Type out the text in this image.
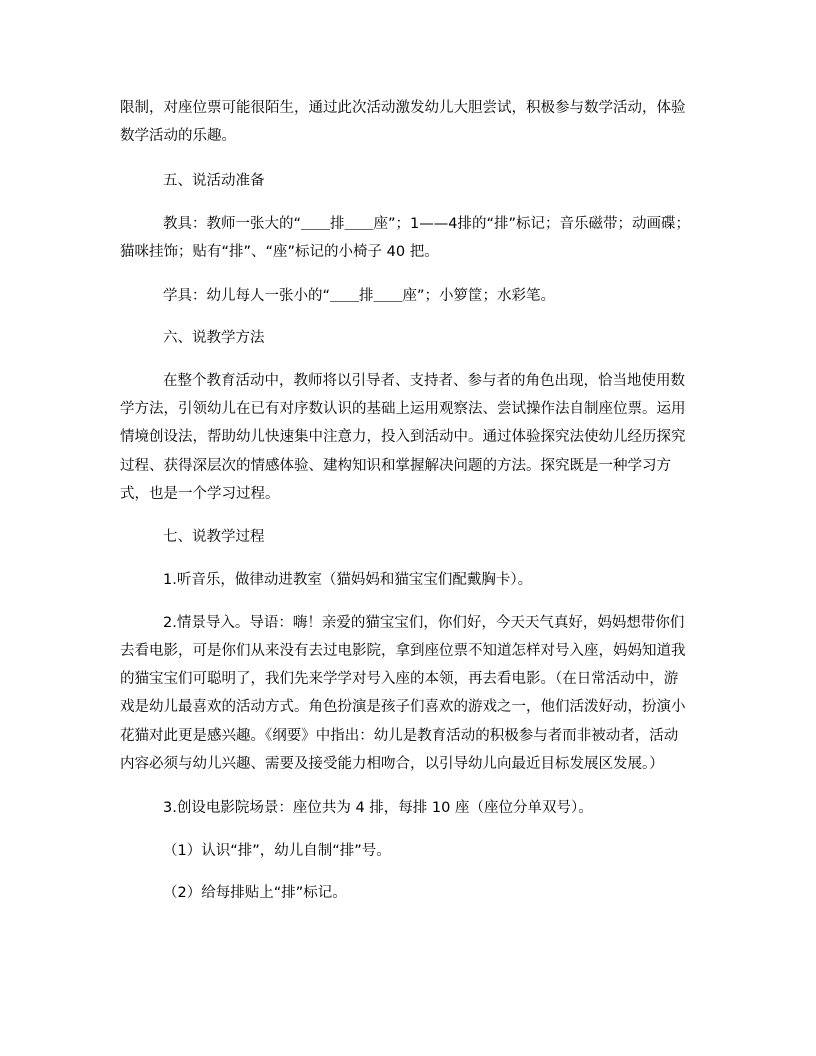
限制，对座位票可能很陌生，通过此次活动激发幼儿大胆尝试，积极参与数学活动，体验

数学活动的乐趣。

五、说活动准备

教具：教师一张大的“＿＿排＿＿座”；1——4排的“排”标记；音乐磁带；动画碟；

猫咪挂饰；贴有“排”、“座”标记的小椅子 40 把。

学具：幼儿每人一张小的“＿＿排＿＿座”；小箩筐；水彩笔。

六、说教学方法

在整个教育活动中，教师将以引导者、支持者、参与者的角色出现，恰当地使用数

学方法，引领幼儿在已有对序数认识的基础上运用观察法、尝试操作法自制座位票。运用

情境创设法，帮助幼儿快速集中注意力，投入到活动中。通过体验探究法使幼儿经历探究

过程、获得深层次的情感体验、建构知识和掌握解决问题的方法。探究既是一种学习方

式，也是一个学习过程。

七、说教学过程

1.听音乐，做律动进教室（猫妈妈和猫宝宝们配戴胸卡）。

2.情景导入。导语：嗨！亲爱的猫宝宝们，你们好，今天天气真好，妈妈想带你们

去看电影，可是你们从来没有去过电影院，拿到座位票不知道怎样对号入座，妈妈知道我

的猫宝宝们可聪明了，我们先来学学对号入座的本领，再去看电影。（在日常活动中，游

戏是幼儿最喜欢的活动方式。角色扮演是孩子们喜欢的游戏之一，他们活泼好动，扮演小

花猫对此更是感兴趣。《纲要》中指出：幼儿是教育活动的积极参与者而非被动者，活动

内容必须与幼儿兴趣、需要及接受能力相吻合，以引导幼儿向最近目标发展区发展。）

3.创设电影院场景：座位共为 4 排，每排 10 座（座位分单双号）。

（1）认识“排”，幼儿自制“排”号。

（2）给每排贴上“排”标记。
